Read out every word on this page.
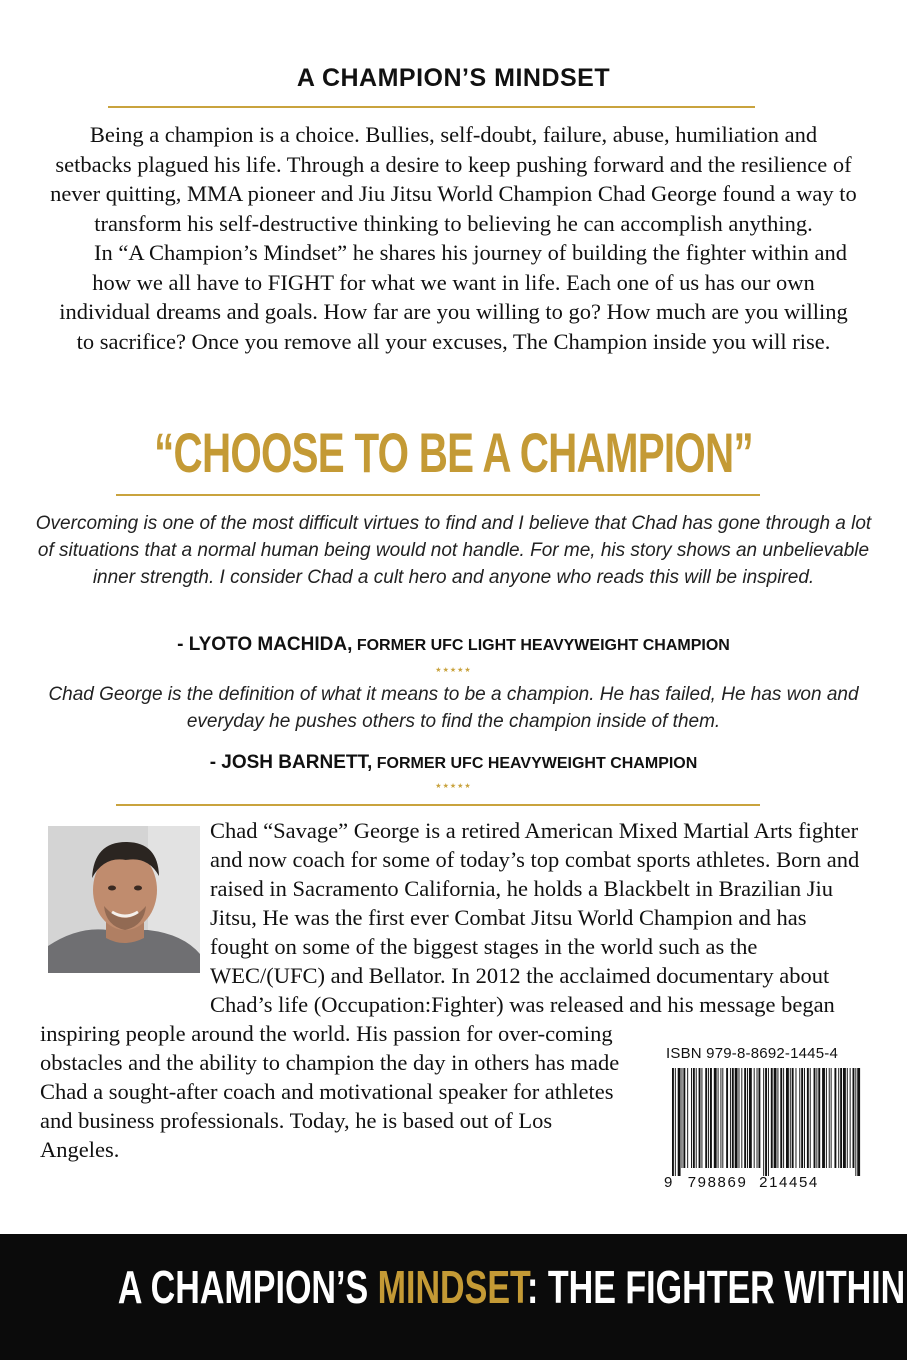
A CHAMPION’S MINDSET

Being a champion is a choice. Bullies, self-doubt, failure, abuse, humiliation and setbacks plagued his life. Through a desire to keep pushing forward and the resilience of never quitting, MMA pioneer and Jiu Jitsu World Champion Chad George found a way to transform his self-destructive thinking to believing he can accomplish anything.

In “A Champion’s Mindset” he shares his journey of building the fighter within and how we all have to FIGHT for what we want in life. Each one of us has our own individual dreams and goals. How far are you willing to go? How much are you willing to sacrifice? Once you remove all your excuses, The Champion inside you will rise.

“CHOOSE TO BE A CHAMPION”
Overcoming is one of the most difficult virtues to find and I believe that Chad has gone through a lot of situations that a normal human being would not handle. For me, his story shows an unbelievable inner strength. I consider Chad a cult hero and anyone who reads this will be inspired.
- LYOTO MACHIDA, FORMER UFC LIGHT HEAVYWEIGHT CHAMPION
★★★★★
Chad George is the definition of what it means to be a champion. He has failed, He has won and everyday he pushes others to find the champion inside of them.
- JOSH BARNETT, FORMER UFC HEAVYWEIGHT CHAMPION
★★★★★
Chad “Savage” George is a retired American Mixed Martial Arts fighter and now coach for some of today’s top combat sports athletes. Born and raised in Sacramento California, he holds a Blackbelt in Brazilian Jiu Jitsu, He was the first ever Combat Jitsu World Champion and has fought on some of the biggest stages in the world such as the WEC/(UFC) and Bellator. In 2012 the acclaimed documentary about Chad’s life (Occupation:Fighter) was released and his message began inspiring people around the world. His passion for over-coming obstacles and the ability to champion the day in others has made Chad a sought-after coach and motivational speaker for athletes and business professionals. Today, he is based out of Los Angeles.
ISBN 979-8-8692-1445-4
9 798869 214454
A CHAMPION’S MINDSET: THE FIGHTER WITHIN
